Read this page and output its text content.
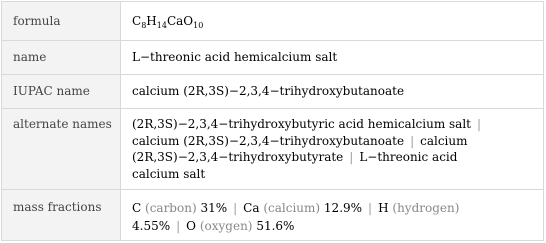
formula	$C_8H_{14}CaO_{10}$
name	L−threonic acid hemicalcium salt
IUPAC name	calcium (2R,3S)−2,3,4−trihydroxybutanoate
alternate names	(2R,3S)−2,3,4−trihydroxybutyric acid hemicalcium salt |
calcium (2R,3S)−2,3,4−trihydroxybutanoate | calcium
(2R,3S)−2,3,4−trihydroxybutyrate | L−threonic acid
calcium salt
mass fractions	C (carbon) 31% | Ca (calcium) 12.9% | H (hydrogen)
4.55% | O (oxygen) 51.6%
